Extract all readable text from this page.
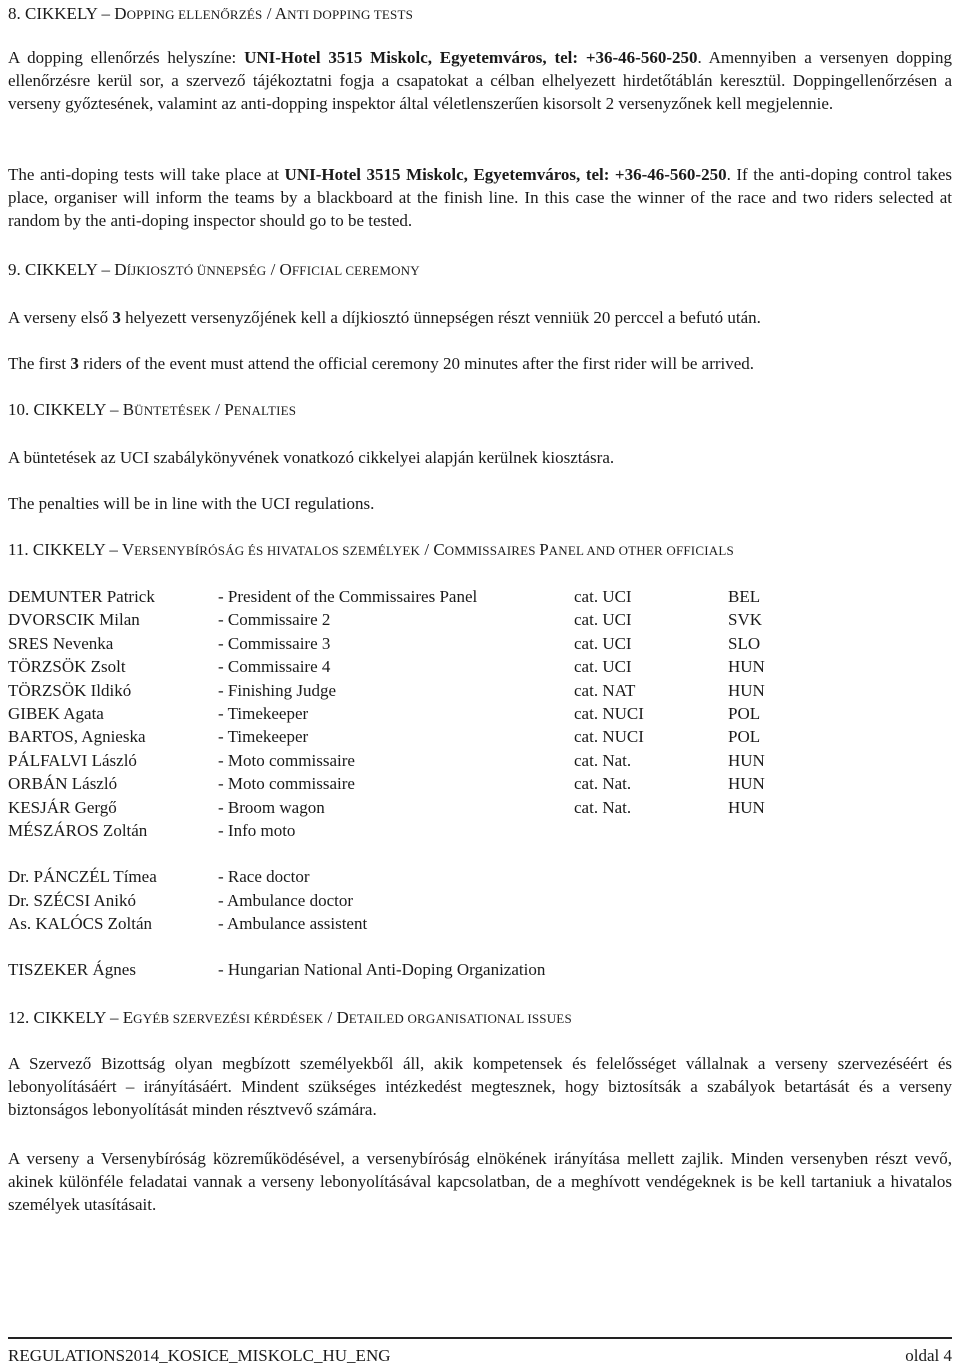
8. CIKKELY – DOPPING ELLENŐRZÉS / ANTI DOPPING TESTS
A dopping ellenőrzés helyszíne: UNI-Hotel 3515 Miskolc, Egyetemváros, tel: +36-46-560-250. Amennyiben a versenyen dopping ellenőrzésre kerül sor, a szervező tájékoztatni fogja a csapatokat a célban elhelyezett hirdetőtáblán keresztül. Doppingellenőrzésen a verseny győztesének, valamint az anti-dopping inspektor által véletlenszerűen kisorsolt 2 versenyzőnek kell megjelennie.
The anti-doping tests will take place at UNI-Hotel 3515 Miskolc, Egyetemváros, tel: +36-46-560-250. If the anti-doping control takes place, organiser will inform the teams by a blackboard at the finish line. In this case the winner of the race and two riders selected at random by the anti-doping inspector should go to be tested.
9. CIKKELY – DÍJKIOSZTÓ ÜNNEPSÉG / OFFICIAL CEREMONY
A verseny első 3 helyezett versenyzőjének kell a díjkiosztó ünnepségen részt venniük 20 perccel a befutó után.
The first 3 riders of the event must attend the official ceremony 20 minutes after the first rider will be arrived.
10. CIKKELY – BÜNTETÉSEK / PENALTIES
A büntetések az UCI szabálykönyvének vonatkozó cikkelyei alapján kerülnek kiosztásra.
The penalties will be in line with the UCI regulations.
11. CIKKELY – VERSENYBÍRÓSÁG ÉS HIVATALOS SZEMÉLYEK / COMMISSAIRES PANEL AND OTHER OFFICIALS
DEMUNTER Patrick	- President of the Commissaires Panel	cat. UCI	BEL
DVORSCIK Milan	- Commissaire 2	cat. UCI	SVK
SRES Nevenka	- Commissaire 3	cat. UCI	SLO
TÖRZSÖK Zsolt	- Commissaire 4	cat. UCI	HUN
TÖRZSÖK Ildikó	- Finishing Judge	cat. NAT	HUN
GIBEK Agata	- Timekeeper	cat. NUCI	POL
BARTOS, Agnieska	- Timekeeper	cat. NUCI	POL
PÁLFALVI László	- Moto commissaire	cat. Nat.	HUN
ORBÁN László	- Moto commissaire	cat. Nat.	HUN
KESJÁR Gergő	- Broom wagon	cat. Nat.	HUN
MÉSZÁROS Zoltán	- Info moto
Dr. PÁNCZÉL Tímea	- Race doctor
Dr. SZÉCSI Anikó	- Ambulance doctor
As. KALÓCS Zoltán	- Ambulance assistent
TISZEKER Ágnes	- Hungarian National Anti-Doping Organization
12. CIKKELY – EGYÉB SZERVEZÉSI KÉRDÉSEK / DETAILED ORGANISATIONAL ISSUES
A Szervező Bizottság olyan megbízott személyekből áll, akik kompetensek és felelősséget vállalnak a verseny szervezéséért és lebonyolításáért – irányításáért. Mindent szükséges intézkedést megtesznek, hogy biztosítsák a szabályok betartását és a verseny biztonságos lebonyolítását minden résztvevő számára.
A verseny a Versenybíróság közreműködésével, a versenybíróság elnökének irányítása mellett zajlik. Minden versenyben részt vevő, akinek különféle feladatai vannak a verseny lebonyolításával kapcsolatban, de a meghívott vendégeknek is be kell tartaniuk a hivatalos személyek utasításait.
REGULATIONS2014_KOSICE_MISKOLC_HU_ENG	oldal 4
